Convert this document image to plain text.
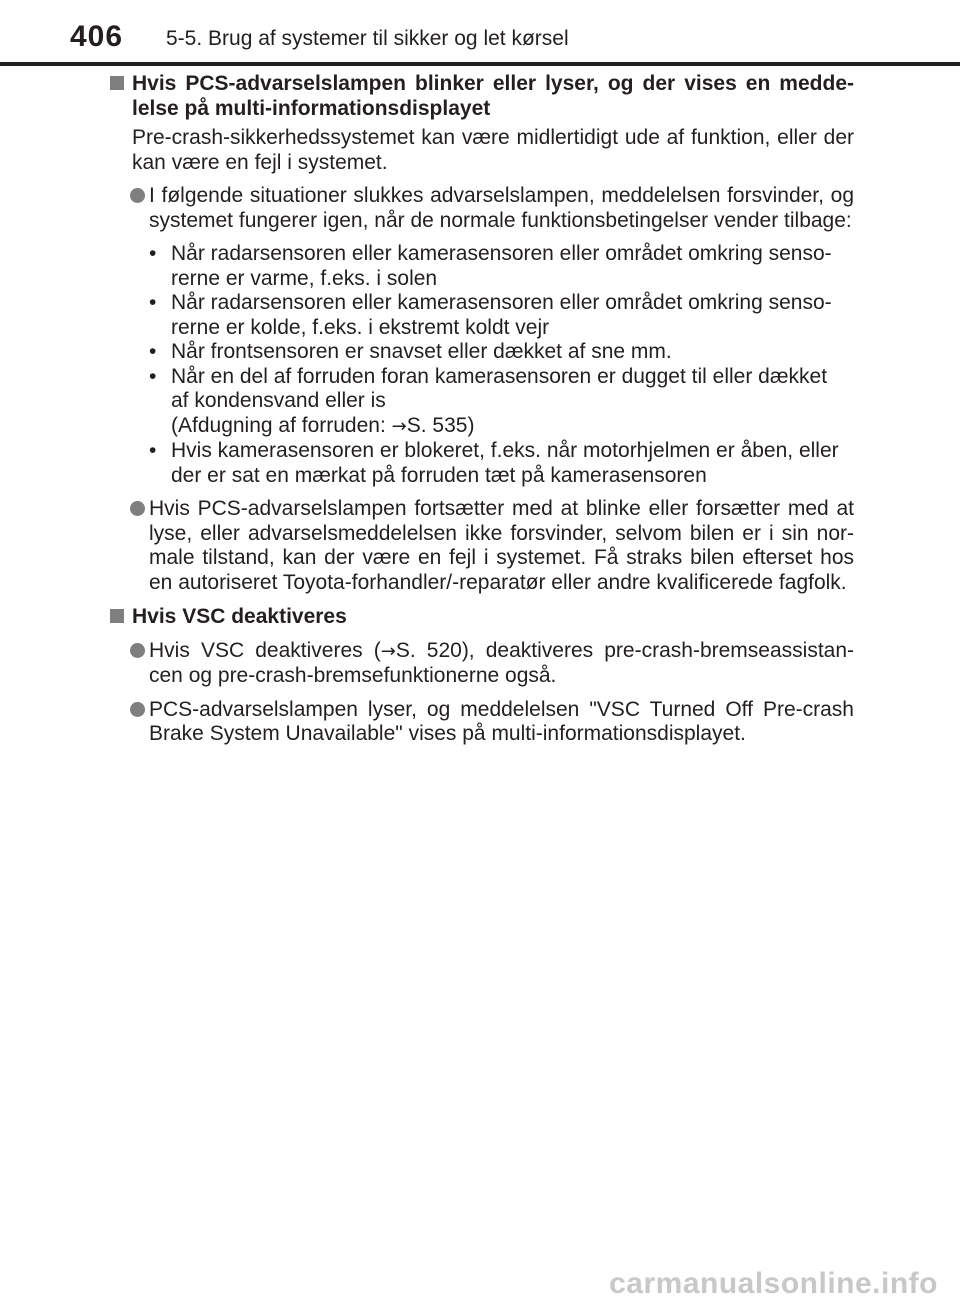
406 5-5. Brug af systemer til sikker og let kørsel
Hvis PCS-advarselslampen blinker eller lyser, og der vises en medde-lelse på multi-informationsdisplayet
Pre-crash-sikkerhedssystemet kan være midlertidigt ude af funktion, eller der kan være en fejl i systemet.
I følgende situationer slukkes advarselslampen, meddelelsen forsvinder, og systemet fungerer igen, når de normale funktionsbetingelser vender tilbage:
• Når radarsensoren eller kamerasensoren eller området omkring senso-rerne er varme, f.eks. i solen
• Når radarsensoren eller kamerasensoren eller området omkring senso-rerne er kolde, f.eks. i ekstremt koldt vejr
• Når frontsensoren er snavset eller dækket af sne mm.
• Når en del af forruden foran kamerasensoren er dugget til eller dækket af kondensvand eller is
(Afdugning af forruden: →S. 535)
• Hvis kamerasensoren er blokeret, f.eks. når motorhjelmen er åben, eller der er sat en mærkat på forruden tæt på kamerasensoren
Hvis PCS-advarselslampen fortsætter med at blinke eller forsætter med at lyse, eller advarselsmeddelelsen ikke forsvinder, selvom bilen er i sin nor-male tilstand, kan der være en fejl i systemet. Få straks bilen efterset hos en autoriseret Toyota-forhandler/-reparatør eller andre kvalificerede fagfolk.
Hvis VSC deaktiveres
Hvis VSC deaktiveres (→S. 520), deaktiveres pre-crash-bremseassistan-cen og pre-crash-bremsefunktionerne også.
PCS-advarselslampen lyser, og meddelelsen "VSC Turned Off Pre-crash Brake System Unavailable" vises på multi-informationsdisplayet.
carmanualsonline.info
